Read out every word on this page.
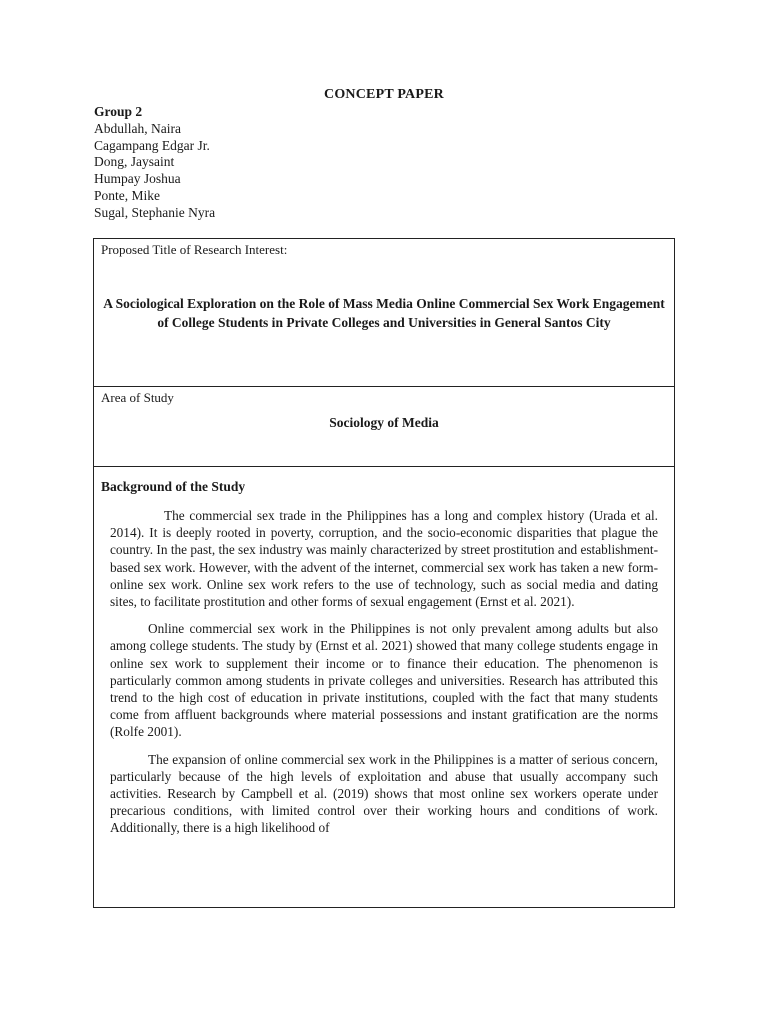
CONCEPT PAPER
Group 2
Abdullah, Naira
Cagampang Edgar Jr.
Dong, Jaysaint
Humpay Joshua
Ponte, Mike
Sugal, Stephanie Nyra
Proposed Title of Research Interest:
A Sociological Exploration on the Role of Mass Media Online Commercial Sex Work Engagement of College Students in Private Colleges and Universities in General Santos City
Area of Study
Sociology of Media
Background of the Study

The commercial sex trade in the Philippines has a long and complex history (Urada et al. 2014). It is deeply rooted in poverty, corruption, and the socio-economic disparities that plague the country. In the past, the sex industry was mainly characterized by street prostitution and establishment-based sex work. However, with the advent of the internet, commercial sex work has taken a new form- online sex work. Online sex work refers to the use of technology, such as social media and dating sites, to facilitate prostitution and other forms of sexual engagement (Ernst et al. 2021).

Online commercial sex work in the Philippines is not only prevalent among adults but also among college students. The study by (Ernst et al. 2021) showed that many college students engage in online sex work to supplement their income or to finance their education. The phenomenon is particularly common among students in private colleges and universities. Research has attributed this trend to the high cost of education in private institutions, coupled with the fact that many students come from affluent backgrounds where material possessions and instant gratification are the norms (Rolfe 2001).

The expansion of online commercial sex work in the Philippines is a matter of serious concern, particularly because of the high levels of exploitation and abuse that usually accompany such activities. Research by Campbell et al. (2019) shows that most online sex workers operate under precarious conditions, with limited control over their working hours and conditions of work. Additionally, there is a high likelihood of
